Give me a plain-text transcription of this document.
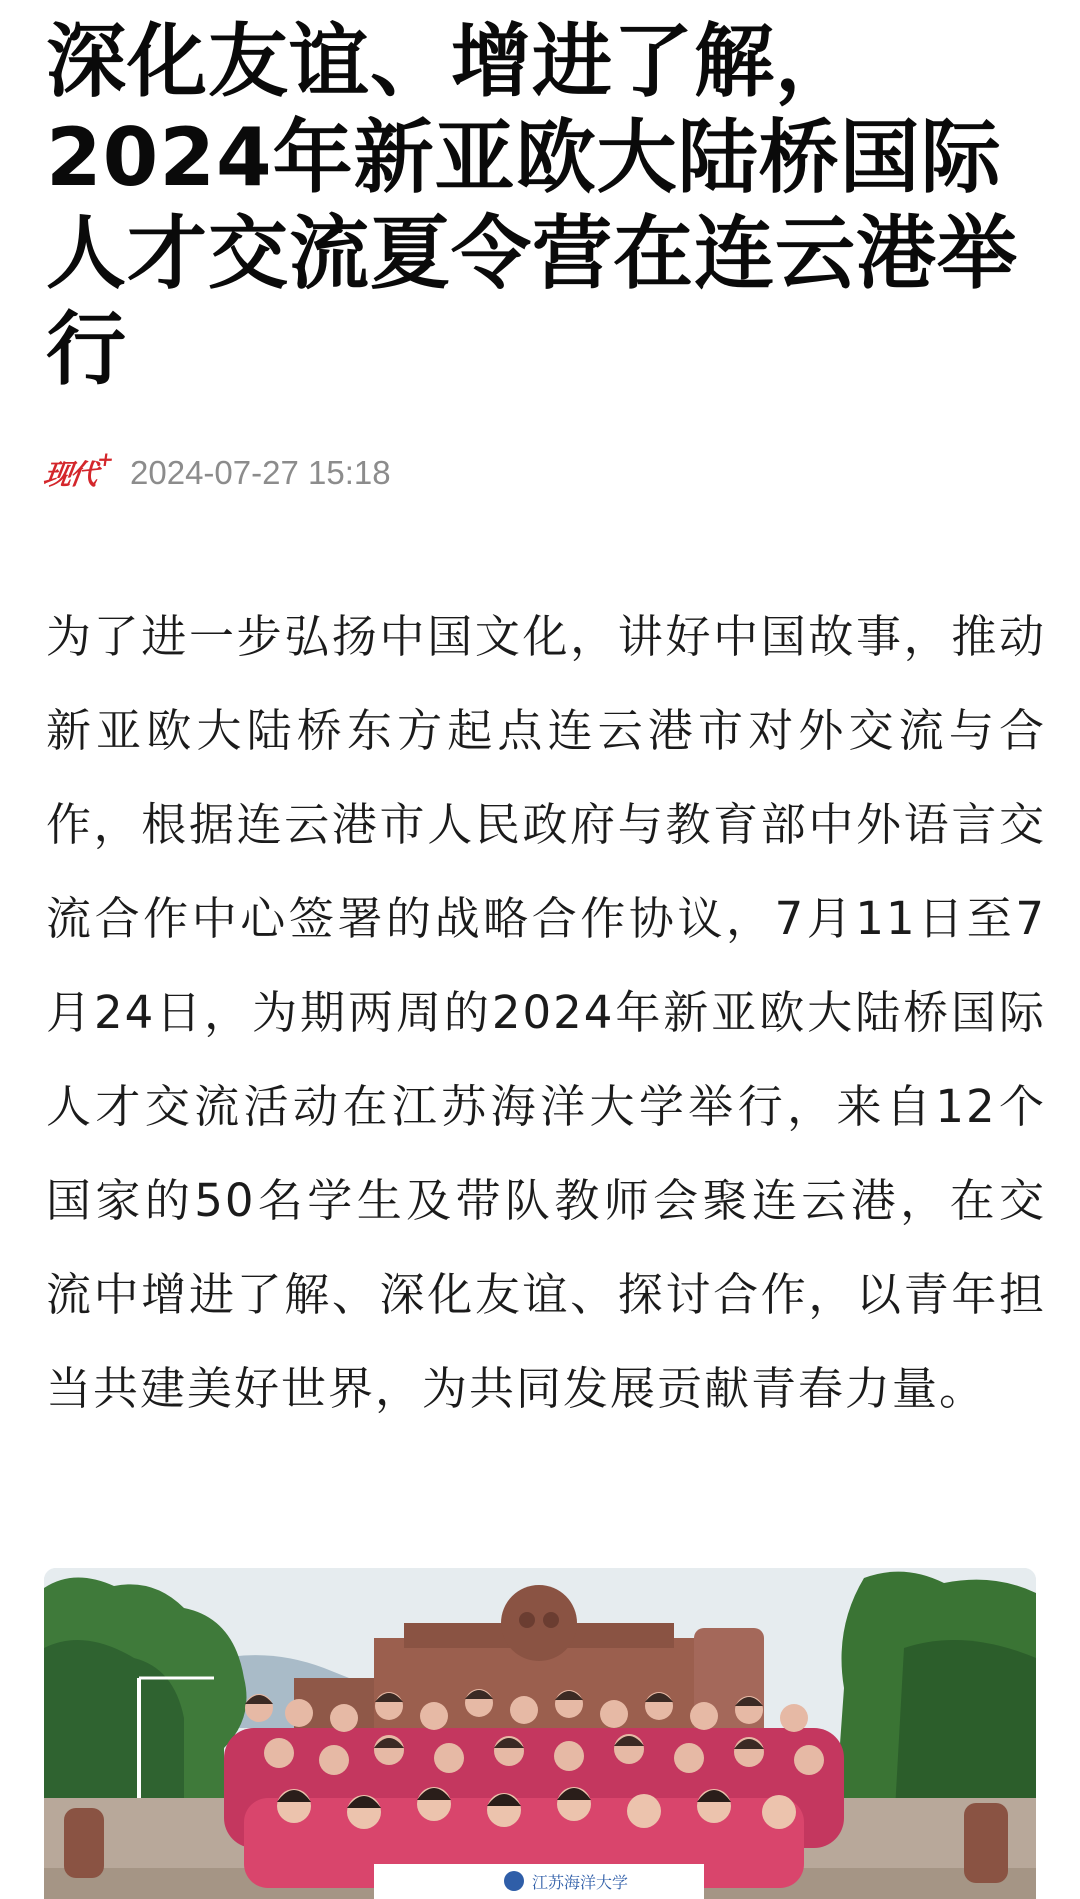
深化友谊、增进了解，2024年新亚欧大陆桥国际人才交流夏令营在连云港举行
现代
+ 2024-07-27 15:18

为了进一步弘扬中国文化，讲好中国故事，推动新亚欧大陆桥东方起点连云港市对外交流与合作，根据连云港市人民政府与教育部中外语言交流合作中心签署的战略合作协议，7月11日至7月24日，为期两周的2024年新亚欧大陆桥国际人才交流活动在江苏海洋大学举行，来自12个国家的50名学生及带队教师会聚连云港，在交流中增进了解、深化友谊、探讨合作，以青年担当共建美好世界，为共同发展贡献青春力量。

江苏海洋大学
